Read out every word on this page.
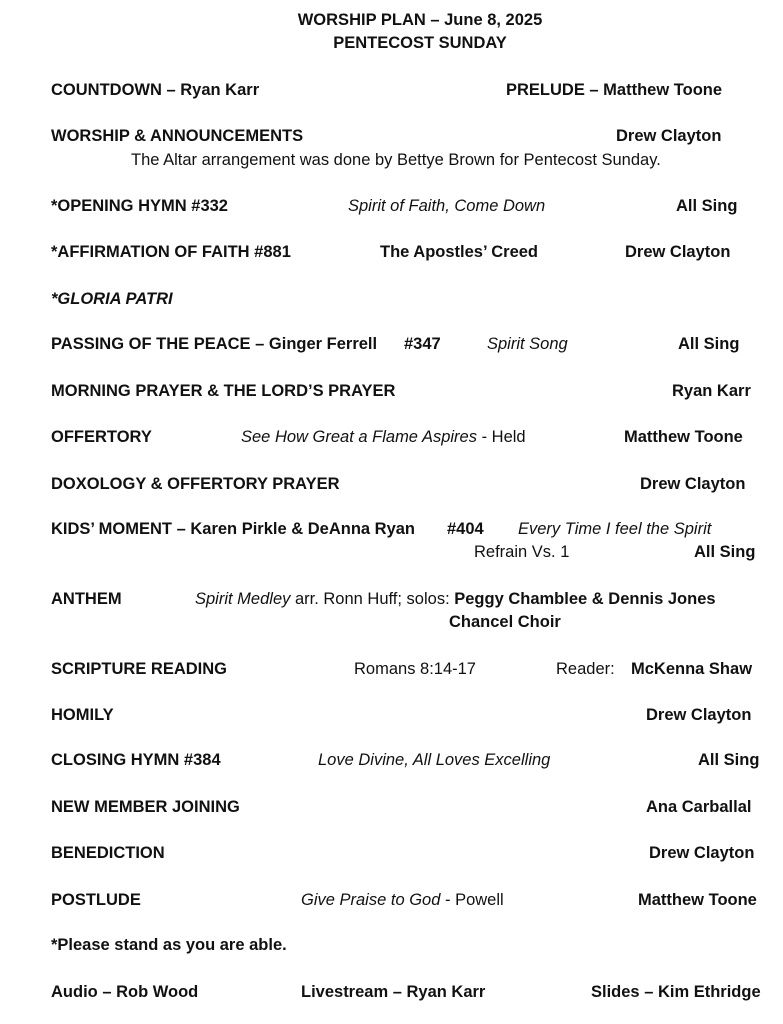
WORSHIP PLAN – June 8, 2025
PENTECOST SUNDAY
COUNTDOWN – Ryan Karr	PRELUDE – Matthew Toone
WORSHIP & ANNOUNCEMENTS	Drew Clayton
The Altar arrangement was done by Bettye Brown for Pentecost Sunday.
*OPENING HYMN #332	Spirit of Faith, Come Down	All Sing
*AFFIRMATION OF FAITH #881	The Apostles’ Creed	Drew Clayton
*GLORIA PATRI
PASSING OF THE PEACE – Ginger Ferrell #347	Spirit Song	All Sing
MORNING PRAYER & THE LORD’S PRAYER	Ryan Karr
OFFERTORY	See How Great a Flame Aspires - Held	Matthew Toone
DOXOLOGY & OFFERTORY PRAYER	Drew Clayton
KIDS’ MOMENT – Karen Pirkle & DeAnna Ryan #404 Every Time I feel the Spirit
Refrain Vs. 1	All Sing
ANTHEM	Spirit Medley arr. Ronn Huff; solos: Peggy Chamblee & Dennis Jones
Chancel Choir
SCRIPTURE READING	Romans 8:14-17	Reader: McKenna Shaw
HOMILY	Drew Clayton
CLOSING HYMN #384	Love Divine, All Loves Excelling	All Sing
NEW MEMBER JOINING	Ana Carballal
BENEDICTION	Drew Clayton
POSTLUDE	Give Praise to God - Powell	Matthew Toone
*Please stand as you are able.
Audio – Rob Wood	Livestream – Ryan Karr	Slides – Kim Ethridge
